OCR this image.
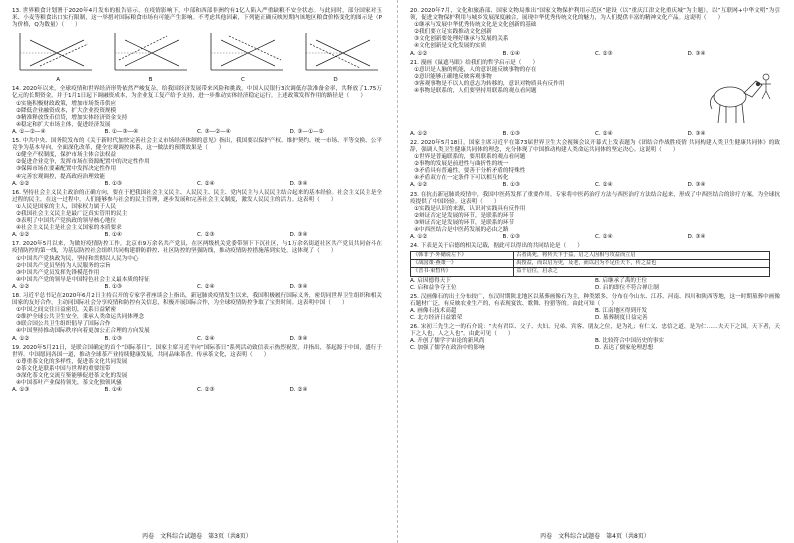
13. 世界粮食计划署于2020年4月发布的报告显示，在疫情影响下，中部和西部非洲约有1亿人陷入严重缺粮不安全状态。与此同时，部分国家对玉米、小麦等粮食出口实行限制，这一举措对国际粮食市场有可能产生影响。不考虑其他因素，下列能正确反映短期内该地区粮食价格变化的图示是（P为价格，Q为数量）（　　）
A	B	C	D
14. 2020年以来，全球疫情和世界经济形势依然严峻复杂，给我国经济发展带来风险和挑战。中国人民银行3次调低存款准备金率，共释放了1.75万亿元的长期资金，并于1月1日起下调融资成本，为企业复工复产给予支持，进一步推动实体经济稳定运行。上述政策发挥作用的路径是（　　）
①实施积极财政政策，增加市场货币供应
②降低企业融资成本，扩大企业投资规模
③精准释放货币信贷，增加实体经济资金支持
④稳定和扩大市场主体，促进经济发展
A. ①—②—④	B. ①—③—④	C. ③—②—④	D. ③—①—②
15. 中共中央、国务院发布的《关于新时代加快完善社会主义市场经济体制的意见》指出，我国要以保护产权、维护契约、统一市场、平等交换、公平竞争为基本导向，全面深化改革，健全宏观调控体系，这一做法的预期效果是（　　）
①健全产权制度，保护市场主体合法权益
②促进企业竞争，发挥市场在资源配置中的决定性作用
③保障市场在要素配置中发挥决定性作用
④完善宏观调控，提高政府治理效能
A. ①②	B. ①③	C. ②④	D. ③④
16. 坚持社会主义民主政治的正确方向，要在于把我国社会主义民主、人民民主、民主、党内民主与人民民主结合起来的基本经验。社会主义民主是全过程的民主，在这一过程中，人们能够参与社会的民主管理，逐步发展和完善社会主义制度，激发人民民主的活力。这表明（　　）
①人民是国家的主人，国家权力属于人民
②我国社会主义民主是最广泛真实管用的民主
③表明了中国共产党执政的领导核心地位
④社会主义民主是社会主义国家的本质要求
A. ①②	B. ①④	C. ②③	D. ③④
17. 2020年5月以来，为做好疫情防控工作，北京市9万余名共产党员，在区两级机关党委带领下下沉社区，与1万余名街道社区共产党员共同奋斗在疫情防控的第一线，为基层防控社会组织共同构建群防群控、社区防控的坚强防线，推动疫情防控措施落到实处。这体现了（　　）
①中国共产党执政为民，坚持和贯彻以人民为中心
②中国共产党员坚持为人民服务的宗旨
③中国共产党员发挥先锋模范作用
④中国共产党的领导是中国特色社会主义最本质的特征
A. ①②	B. ①③	C. ②④	D. ③④
18. 习近平总书记在2020年6月2日主持召开的专家学者座谈会上指出，新冠肺炎疫情发生以来，我国积极履行国际义务，密切同世界卫生组织和相关国家的友好合作，主动同国际社会分享疫情和防控有关信息，积极开展国际合作，为全球疫情防控争取了宝贵时间。这表明中国（　　）
①中国之间交往日益密切，关系日益紧密
②维护全球公共卫生安全，秉承人类命运共同体理念
③联合国公共卫生组织倡导了国际合作
④中国坚持推动国际秩序向着更加公正合理的方向发展
A. ①②	B. ①③	C. ②④	D. ③④
19. 2020年5月21日，是联合国确定的首个“国际茶日”，国家主席习近平向“国际茶日”系列活动致信表示热烈祝贺，并指出，茶起源于中国，盛行于世界。中国愿同各国一道，推动全球茶产业持续健康发展，共同品味茶香，传承茶文化，这表明（　　）
①尊重茶文化的多样性，促进茶文化共同发展
②茶文化是联系中国与世界的重要纽带
③深化茶文化交流互鉴能够促进茶文化的发展
④中国茶叶产业保持领先，茶文化独领风骚
A. ①③	B. ①④	C. ②③	D. ②④
20. 2020年7月，文化和旅游部、国家文物局推出“国家文物保护利用示范区”建设（以“重庆江津文化重庆城”为主题），以“互联网+中华文明”为引领，促进文物保护利用与城乡发展深度融合，展现中华优秀传统文化的魅力，为人们提供丰富的精神文化产品。这说明（　　）
①继承与发展中华优秀传统文化是文化创新的基础
②我们要立足实践推动文化创新
③文化创新要处理好继承与发展的关系
④文化创新是文化发展的实质
A. ①②	B. ①④	C. ②③	D. ③④
21. 漫画《鼠遮马眼》给我们的哲学启示是（　　）
①意识是人脑的机能，人的意识能反映事物的存在
②意识能够正确地反映客观事物
③客观事物是不以人的意志为转移的，意识对物质具有反作用
④事物是联系的，人们要坚持用联系的观点看问题
A. ①②	B. ①③	C. ②④	D. ③④
22. 2020年5月18日，国家主席习近平在第73届世界卫生大会视频会议开幕式上发表题为《团结合作战胜疫情 共同构建人类卫生健康共同体》的致辞，强调人类卫生健康共同体的理念，充分体现了中国推动构建人类命运共同体的坚定决心。这说明（　　）
①世界是普遍联系的，要用联系的观点看问题
②事物的发展是前进性与曲折性的统一
③矛盾具有普遍性，要善于分析矛盾的特殊性
④矛盾双方在一定条件下可以相互转化
A. ①②	B. ①③	C. ②④	D. ③④
23. 在抗击新冠肺炎疫情中，我国中医药发挥了重要作用。专家将中医药治疗方法与西医治疗方法结合起来，形成了中西医结合的诊疗方案，为全球抗疫提供了中国经验。这表明（　　）
①实践是认识的来源，认识对实践具有反作用
②辩证否定是发展的环节，是联系的环节
③辩证否定是发展的环节，是联系的环节
④中西医结合是中医药发展的必由之路
A. ①②	B. ①③	C. ②④	D. ③④
24. 下表是关于启德的相关记载，据此可以得出的共同结论是（　　）
《韩非子·外储说左下》	古者禹死，将传天下于益，启之人因相与攻益而立启
《战国策·燕策一》	禹授益，而以启为吏，及老，而以启为不足任天下，传之益也
《晋书·束晳传》	益干启位，启杀之
A. 启因德得天下	B. 启继承了禹的王位
C. 启和益争夺王位	D. 启的即位不符合禅让制
25. 汉画像石的出土分布较广，东汉时期陕北地区以墓葬画像石为主，种类繁多，分布在今山东、江苏、河南、四川和陕西等地，这一时期墓葬中画像石题材广泛，有反映农业生产的，有表现宴饮、歌舞、狩猎等的。由此可知（　　）
A. 画像石技术高超	B. 江南地区得到开发
C. 北方经济日益繁荣	D. 墓葬制度日益完善
26. 宋初三先生之一的石介说：“夫有君臣、父子、夫妇、兄弟、宾客、朋友之位，是为礼；有仁义、忠信之道，是为仁……夫天下之国，天下者，天下之人也，人之人也”。由此可见（　　）
A. 开创了儒学宇宙论的新风尚	B. 比较符合中国历史的事实
C. 加强了儒学在政治中的影响	D. 表达了儒家伦理思想
丙卷　文科综合试题卷　第3页（共8页）	丙卷　文科综合试题卷　第4页（共8页）
